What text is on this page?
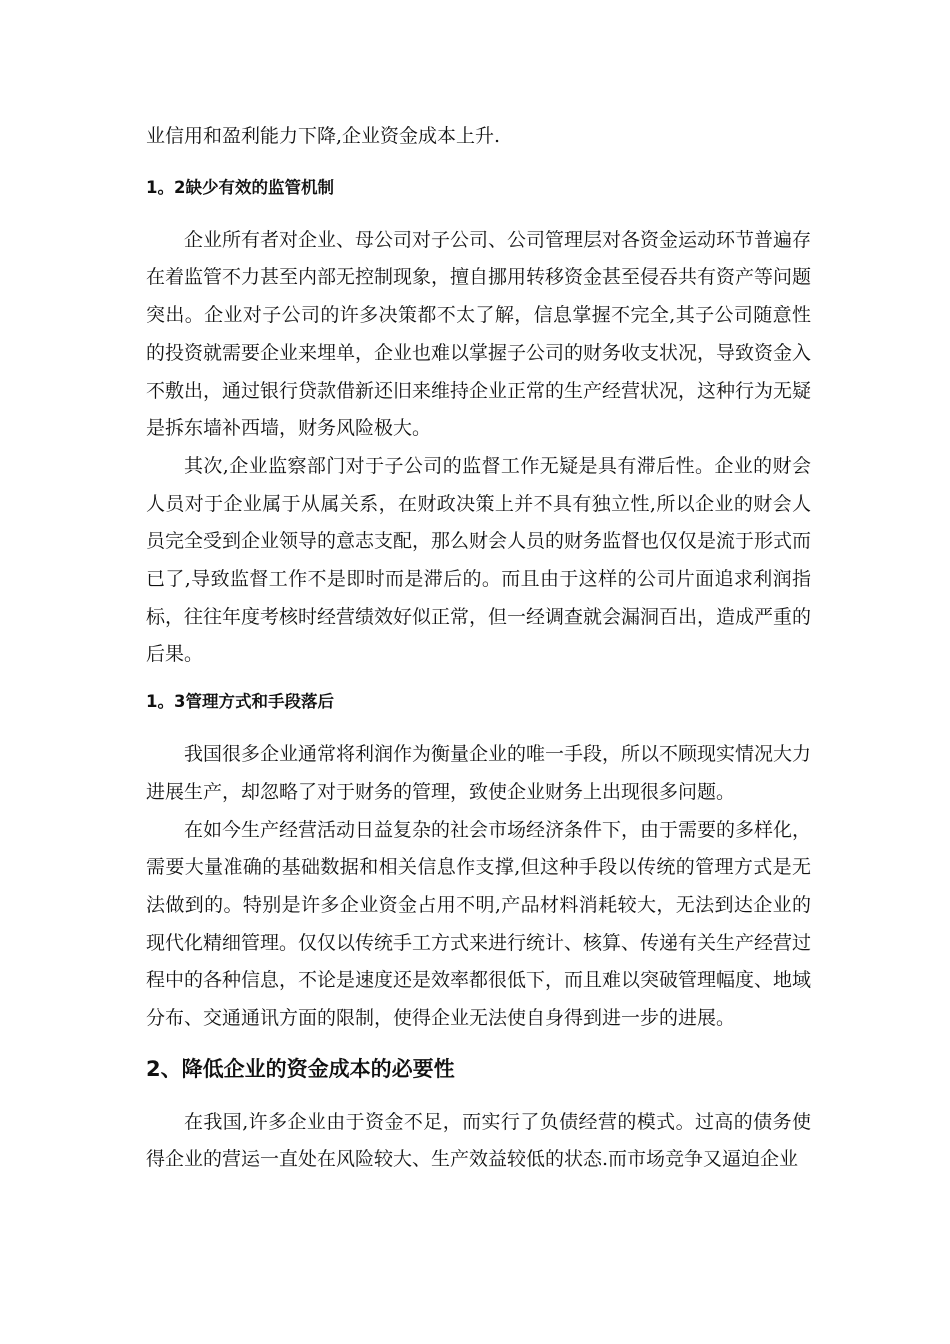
业信用和盈利能力下降,企业资金成本上升.

1。2缺少有效的监管机制

企业所有者对企业、母公司对子公司、公司管理层对各资金运动环节普遍存在着监管不力甚至内部无控制现象，擅自挪用转移资金甚至侵吞共有资产等问题突出。企业对子公司的许多决策都不太了解，信息掌握不完全,其子公司随意性的投资就需要企业来埋单，企业也难以掌握子公司的财务收支状况，导致资金入不敷出，通过银行贷款借新还旧来维持企业正常的生产经营状况，这种行为无疑是拆东墙补西墙，财务风险极大。

其次,企业监察部门对于子公司的监督工作无疑是具有滞后性。企业的财会人员对于企业属于从属关系，在财政决策上并不具有独立性,所以企业的财会人员完全受到企业领导的意志支配，那么财会人员的财务监督也仅仅是流于形式而已了,导致监督工作不是即时而是滞后的。而且由于这样的公司片面追求利润指标，往往年度考核时经营绩效好似正常，但一经调查就会漏洞百出，造成严重的后果。

1。3管理方式和手段落后

我国很多企业通常将利润作为衡量企业的唯一手段，所以不顾现实情况大力进展生产，却忽略了对于财务的管理，致使企业财务上出现很多问题。

在如今生产经营活动日益复杂的社会市场经济条件下，由于需要的多样化，需要大量准确的基础数据和相关信息作支撑,但这种手段以传统的管理方式是无法做到的。特别是许多企业资金占用不明,产品材料消耗较大，无法到达企业的现代化精细管理。仅仅以传统手工方式来进行统计、核算、传递有关生产经营过程中的各种信息，不论是速度还是效率都很低下，而且难以突破管理幅度、地域分布、交通通讯方面的限制，使得企业无法使自身得到进一步的进展。

2、降低企业的资金成本的必要性

在我国,许多企业由于资金不足，而实行了负债经营的模式。过高的债务使得企业的营运一直处在风险较大、生产效益较低的状态.而市场竞争又逼迫企业
